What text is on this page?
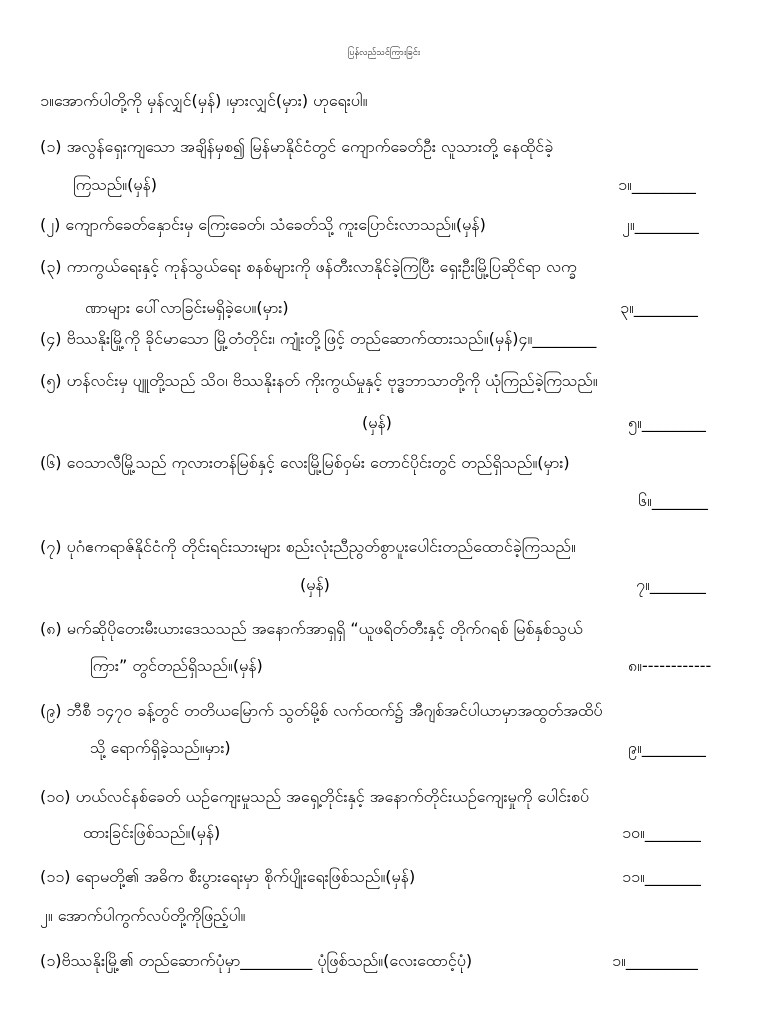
ပြန်လည်သင်ကြားခြင်း
၁။အောက်ပါတို့ကို မှန်လျှင်(မှန်) ၊မှားလျှင်(မှား) ဟုရေးပါ။
(၁) အလွန်ရှေးကျသော အချိန်မှစ၍ မြန်မာနိုင်ငံတွင် ကျောက်ခေတ်ဦး လူသားတို့ နေထိုင်ခဲ့
ကြသည်။(မှန်)	၁။________
(၂) ကျောက်ခေတ်နှောင်းမှ ကြေးခေတ်၊ သံခေတ်သို့ ကူးပြောင်းလာသည်။(မှန်)	၂။________
(၃) ကာကွယ်ရေးနှင့် ကုန်သွယ်ရေး စနစ်များကို ဖန်တီးလာနိုင်ခဲ့ကြပြီး ရှေးဦးမြို့ပြဆိုင်ရာ လက္ခ
ဏာများ ပေါ်လာခြင်းမရှိခဲ့ပေ။(မှား)	၃။________
(၄) ဗိဿနိုးမြို့ကို ခိုင်မာသော မြို့တံတိုင်း၊ ကျုံးတို့ဖြင့် တည်ဆောက်ထားသည်။(မှန်)၄။________
(၅) ဟန်လင်းမှ ပျူတို့သည် သိဝ၊ ဗိဿနိုးနတ် ကိုးကွယ်မှုနှင့် ဗုဒ္ဓဘာသာတို့ကို ယုံကြည်ခဲ့ကြသည်။
(မှန်)	၅။________
(၆) ဝေသာလီမြို့သည် ကုလားတန်မြစ်နှင့် လေးမြို့မြစ်ဝှမ်း တောင်ပိုင်းတွင် တည်ရှိသည်။(မှား)
၆။_______
(၇) ပုဂံဧကရာဇ်နိုင်ငံကို တိုင်းရင်းသားများ စည်းလုံးညီညွတ်စွာပူးပေါင်းတည်ထောင်ခဲ့ကြသည်။
(မှန်)	၇။_______
(၈) မက်ဆိုပိုတေးမီးယားဒေသသည် အနောက်အာရှရှိ “ယူဖရိတ်တီးနှင့် တိုက်ဂရစ် မြစ်နှစ်သွယ်
ကြား” တွင်တည်ရှိသည်။(မှန်)	၈။------------
(၉) ဘီစီ ၁၄၇၀ ခန့်တွင် တတိယမြောက် သွတ်မို့စ် လက်ထက်၌ အီဂျစ်အင်ပါယာမှာအထွတ်အထိပ်
သို့ ရောက်ရှိခဲ့သည်။မှား)	၉။________
(၁၀) ဟယ်လင်နစ်ခေတ် ယဉ်ကျေးမှုသည် အရှေ့တိုင်းနှင့် အနောက်တိုင်းယဉ်ကျေးမှုကို ပေါင်းစပ်
ထားခြင်းဖြစ်သည်။(မှန်)	၁၀။_______
(၁၁) ရောမတို့၏ အဓိက စီးပွားရေးမှာ စိုက်ပျိုးရေးဖြစ်သည်။(မှန်)	၁၁။_______
၂။ အောက်ပါကွက်လပ်တို့ကိုဖြည့်ပါ။
(၁)ဗိဿနိုးမြို့၏ တည်ဆောက်ပုံမှာ_________ ပုံဖြစ်သည်။(လေးထောင့်ပုံ)	၁။_________
